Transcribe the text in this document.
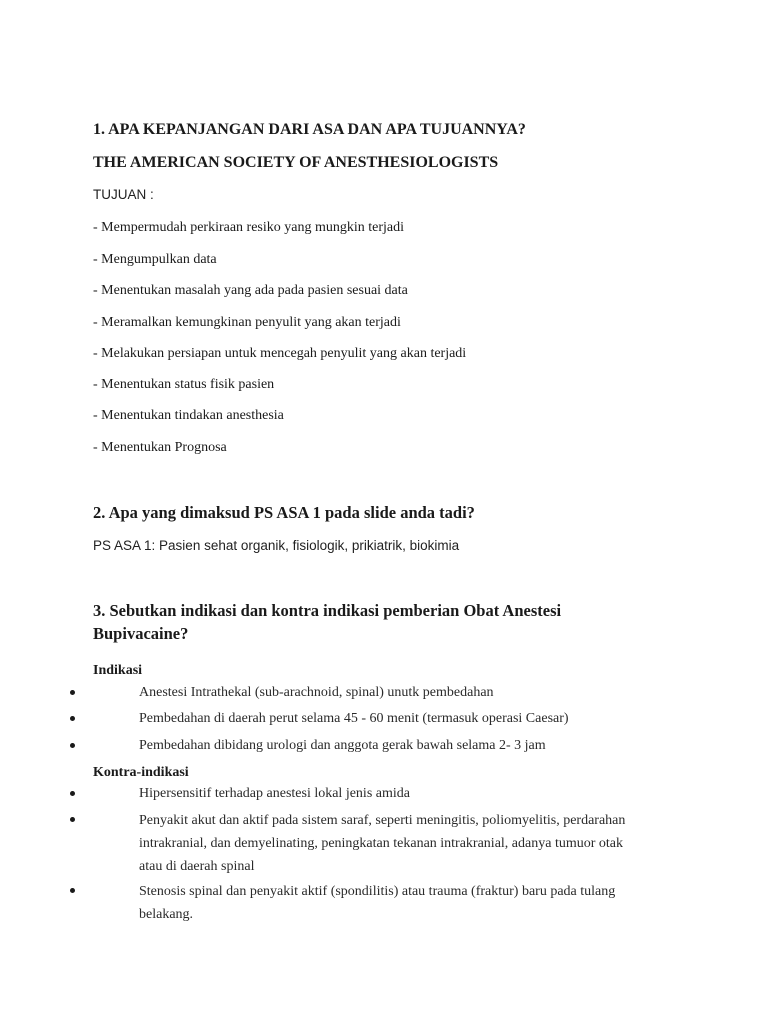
1. APA KEPANJANGAN DARI ASA DAN APA TUJUANNYA?
THE AMERICAN SOCIETY OF ANESTHESIOLOGISTS
TUJUAN :
- Mempermudah perkiraan resiko yang mungkin terjadi
- Mengumpulkan data
- Menentukan masalah yang ada pada pasien sesuai data
- Meramalkan kemungkinan penyulit yang akan terjadi
- Melakukan persiapan untuk mencegah penyulit yang akan terjadi
- Menentukan status fisik pasien
- Menentukan tindakan anesthesia
- Menentukan Prognosa
2. Apa yang dimaksud PS ASA 1 pada slide anda tadi?
PS ASA 1: Pasien sehat organik, fisiologik, prikiatrik, biokimia
3. Sebutkan indikasi dan kontra indikasi pemberian Obat Anestesi
Bupivacaine?
Indikasi
Anestesi Intrathekal (sub-arachnoid, spinal) unutk pembedahan
Pembedahan di daerah perut selama 45 - 60 menit (termasuk operasi Caesar)
Pembedahan dibidang urologi dan anggota gerak bawah selama 2- 3 jam
Kontra-indikasi
Hipersensitif terhadap anestesi lokal jenis amida
Penyakit akut dan aktif pada sistem saraf, seperti meningitis, poliomyelitis, perdarahan intrakranial, dan demyelinating, peningkatan tekanan intrakranial, adanya tumuor otak atau di daerah spinal
Stenosis spinal dan penyakit aktif (spondilitis) atau trauma (fraktur) baru pada tulang belakang.
